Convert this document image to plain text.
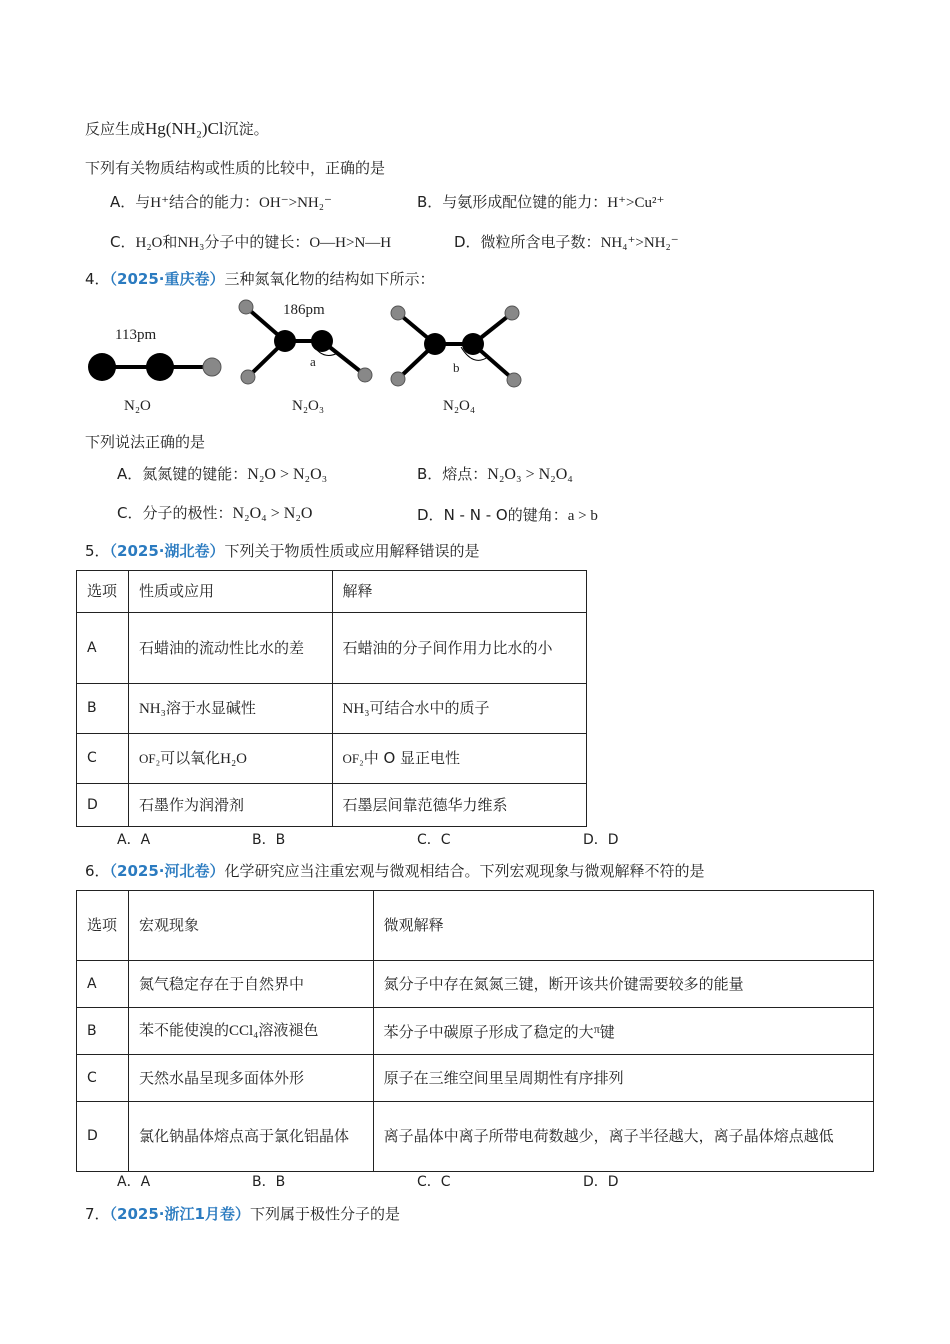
反应生成Hg(NH₂)Cl沉淀。
下列有关物质结构或性质的比较中，正确的是
A．与H⁺结合的能力：OH⁻>NH₂⁻	B．与氨形成配位键的能力：H⁺>Cu²⁺
C．H₂O和NH₃分子中的键长：O—H>N—H	D．微粒所含电子数：NH₄⁺>NH₂⁻
4．（2025·重庆卷）三种氮氧化物的结构如下所示：
113pm
186pm
a	b
N₂O	N₂O₃	N₂O₄
下列说法正确的是
A．氮氮键的键能：N₂O > N₂O₃	B．熔点：N₂O₃ > N₂O₄
C．分子的极性：N₂O₄ > N₂O	D．N - N - O的键角：a > b
5．（2025·湖北卷）下列关于物质性质或应用解释错误的是
选项	性质或应用	解释
A	石蜡油的流动性比水的差	石蜡油的分子间作用力比水的小
B	NH₃溶于水显碱性	NH₃可结合水中的质子
C	OF₂可以氧化H₂O	OF₂中 O 显正电性
D	石墨作为润滑剂	石墨层间靠范德华力维系
A．A	B．B	C．C	D．D
6．（2025·河北卷）化学研究应当注重宏观与微观相结合。下列宏观现象与微观解释不符的是
选项	宏观现象	微观解释
A	氮气稳定存在于自然界中	氮分子中存在氮氮三键，断开该共价键需要较多的能量
B	苯不能使溴的CCl₄溶液褪色	苯分子中碳原子形成了稳定的大$^\pi$键
C	天然水晶呈现多面体外形	原子在三维空间里呈周期性有序排列
D	氯化钠晶体熔点高于氯化铝晶体	离子晶体中离子所带电荷数越少，离子半径越大，离子晶体熔点越低
A．A	B．B	C．C	D．D
7．（2025·浙江1月卷）下列属于极性分子的是
